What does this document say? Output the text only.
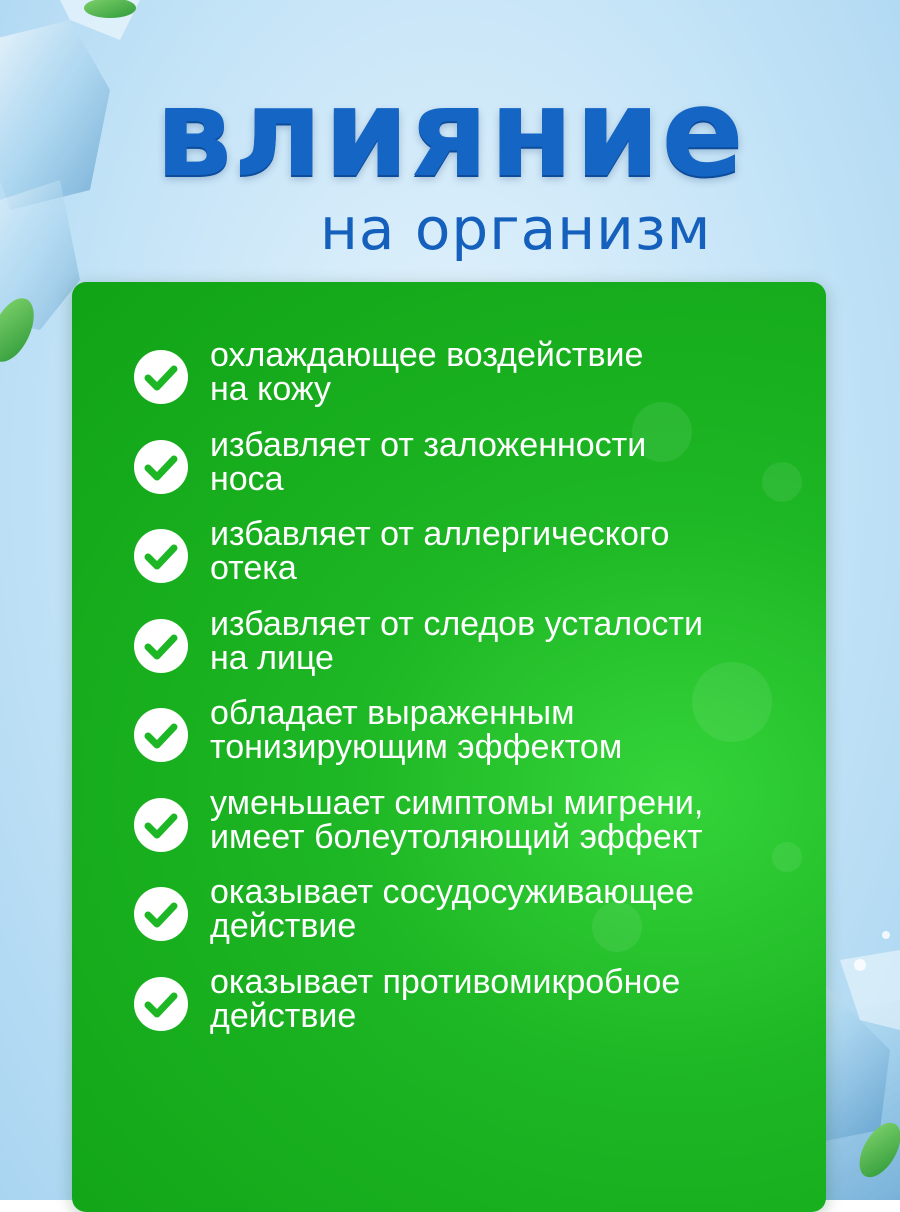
влияние
на организм
охлаждающее воздействие
на кожу
избавляет от заложенности
носа
избавляет от аллергического
отека
избавляет от следов усталости
на лице
обладает выраженным
тонизирующим эффектом
уменьшает симптомы мигрени,
имеет болеутоляющий эффект
оказывает сосудосуживающее
действие
оказывает противомикробное
действие
